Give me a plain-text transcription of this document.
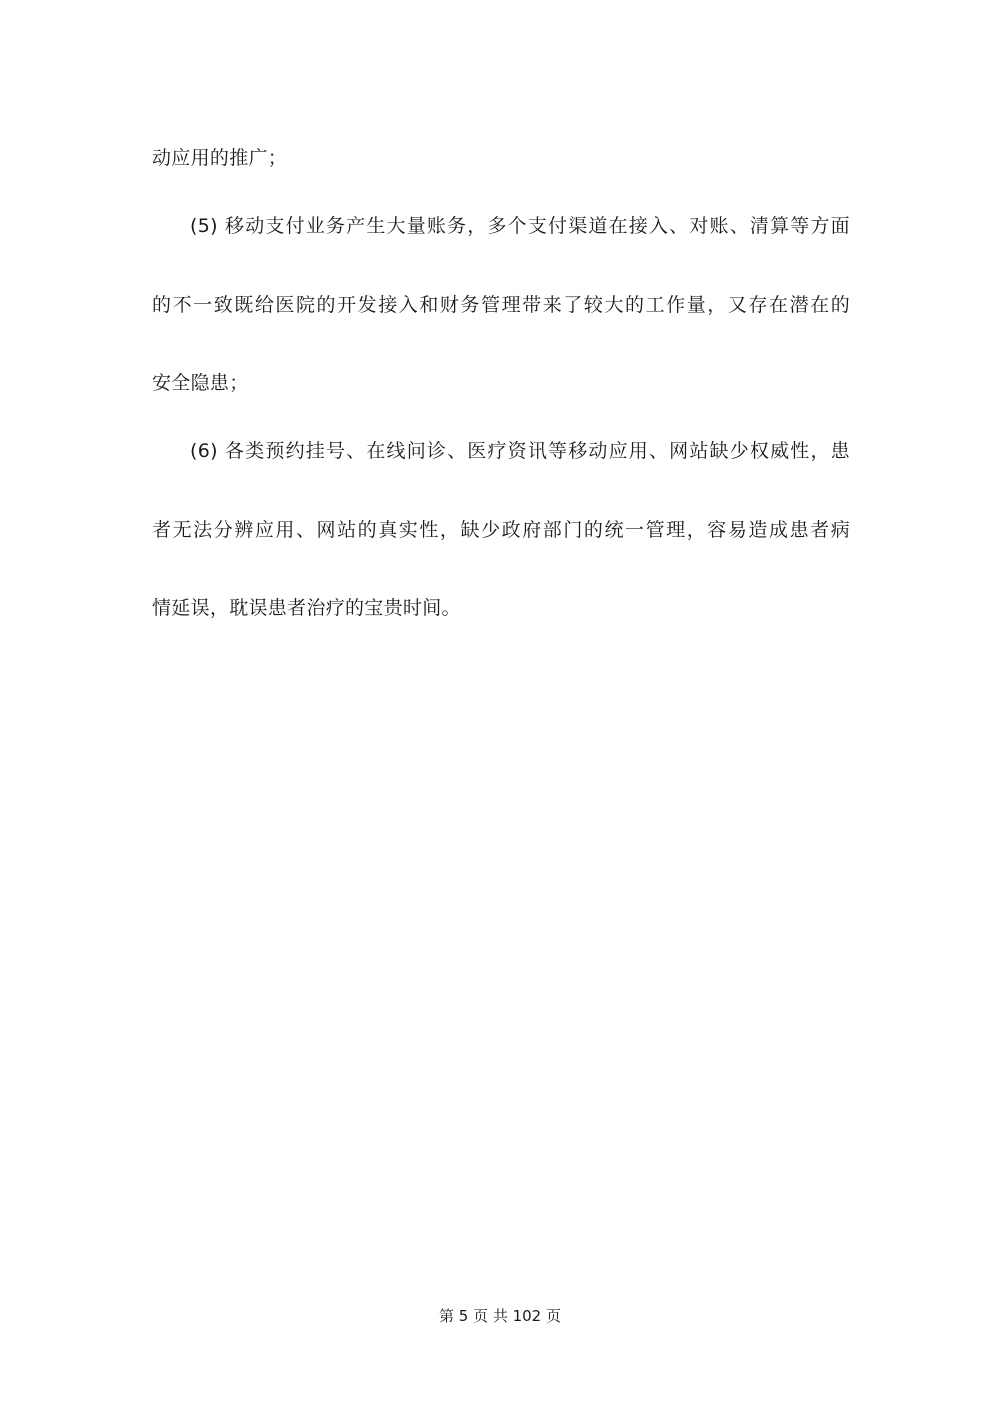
动应用的推广；
(5) 移动支付业务产生大量账务，多个支付渠道在接入、对账、清算等方面
的不一致既给医院的开发接入和财务管理带来了较大的工作量，又存在潜在的
安全隐患；
(6) 各类预约挂号、在线问诊、医疗资讯等移动应用、网站缺少权威性，患
者无法分辨应用、网站的真实性，缺少政府部门的统一管理，容易造成患者病
情延误，耽误患者治疗的宝贵时间。
第 5 页 共 102 页
